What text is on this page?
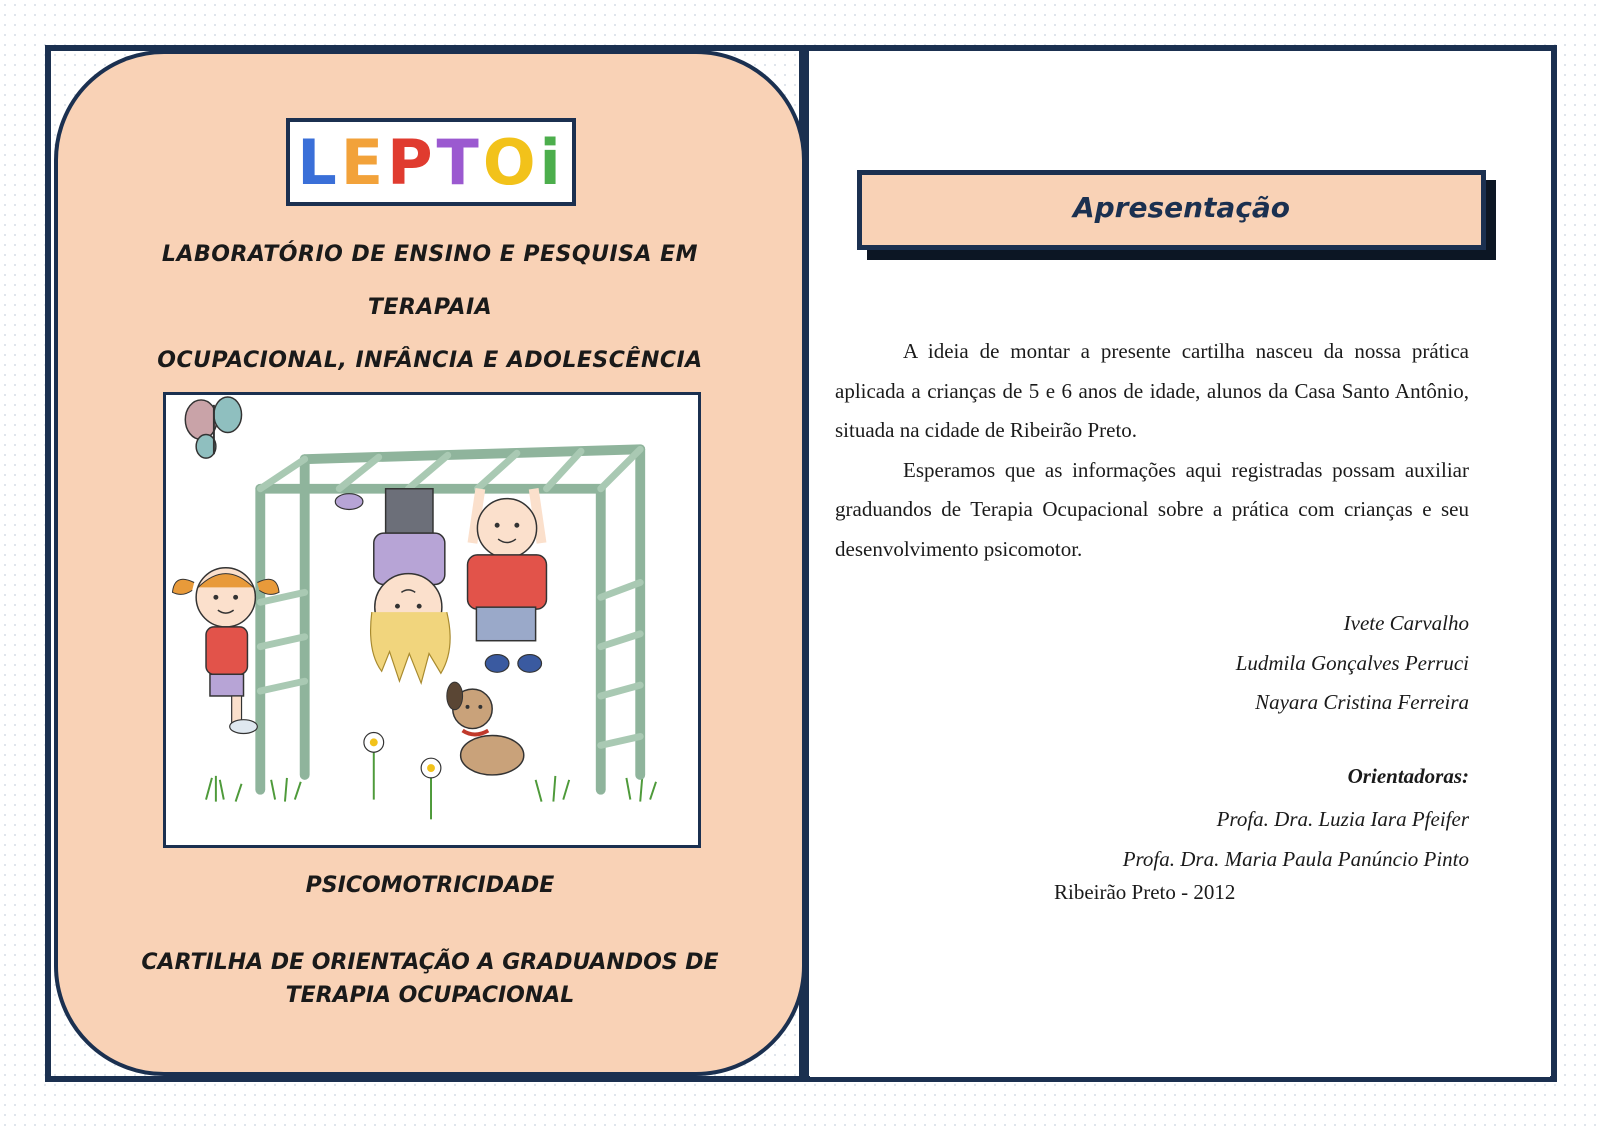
L E P T O i
LABORATÓRIO DE ENSINO E PESQUISA EM TERAPAIA
OCUPACIONAL, INFÂNCIA E ADOLESCÊNCIA
PSICOMOTRICIDADE
CARTILHA DE ORIENTAÇÃO A GRADUANDOS DE
TERAPIA OCUPACIONAL
Apresentação

A ideia de montar a presente cartilha nasceu da nossa prática aplicada a crianças de 5 e 6 anos de idade, alunos da Casa Santo Antônio, situada na cidade de Ribeirão Preto.

Esperamos que as informações aqui registradas possam auxiliar graduandos de Terapia Ocupacional sobre a prática com crianças e seu desenvolvimento psicomotor.

Ivete Carvalho
Ludmila Gonçalves Perruci
Nayara Cristina Ferreira
Orientadoras:
Profa. Dra. Luzia Iara Pfeifer
Profa. Dra. Maria Paula Panúncio Pinto
Ribeirão Preto - 2012
